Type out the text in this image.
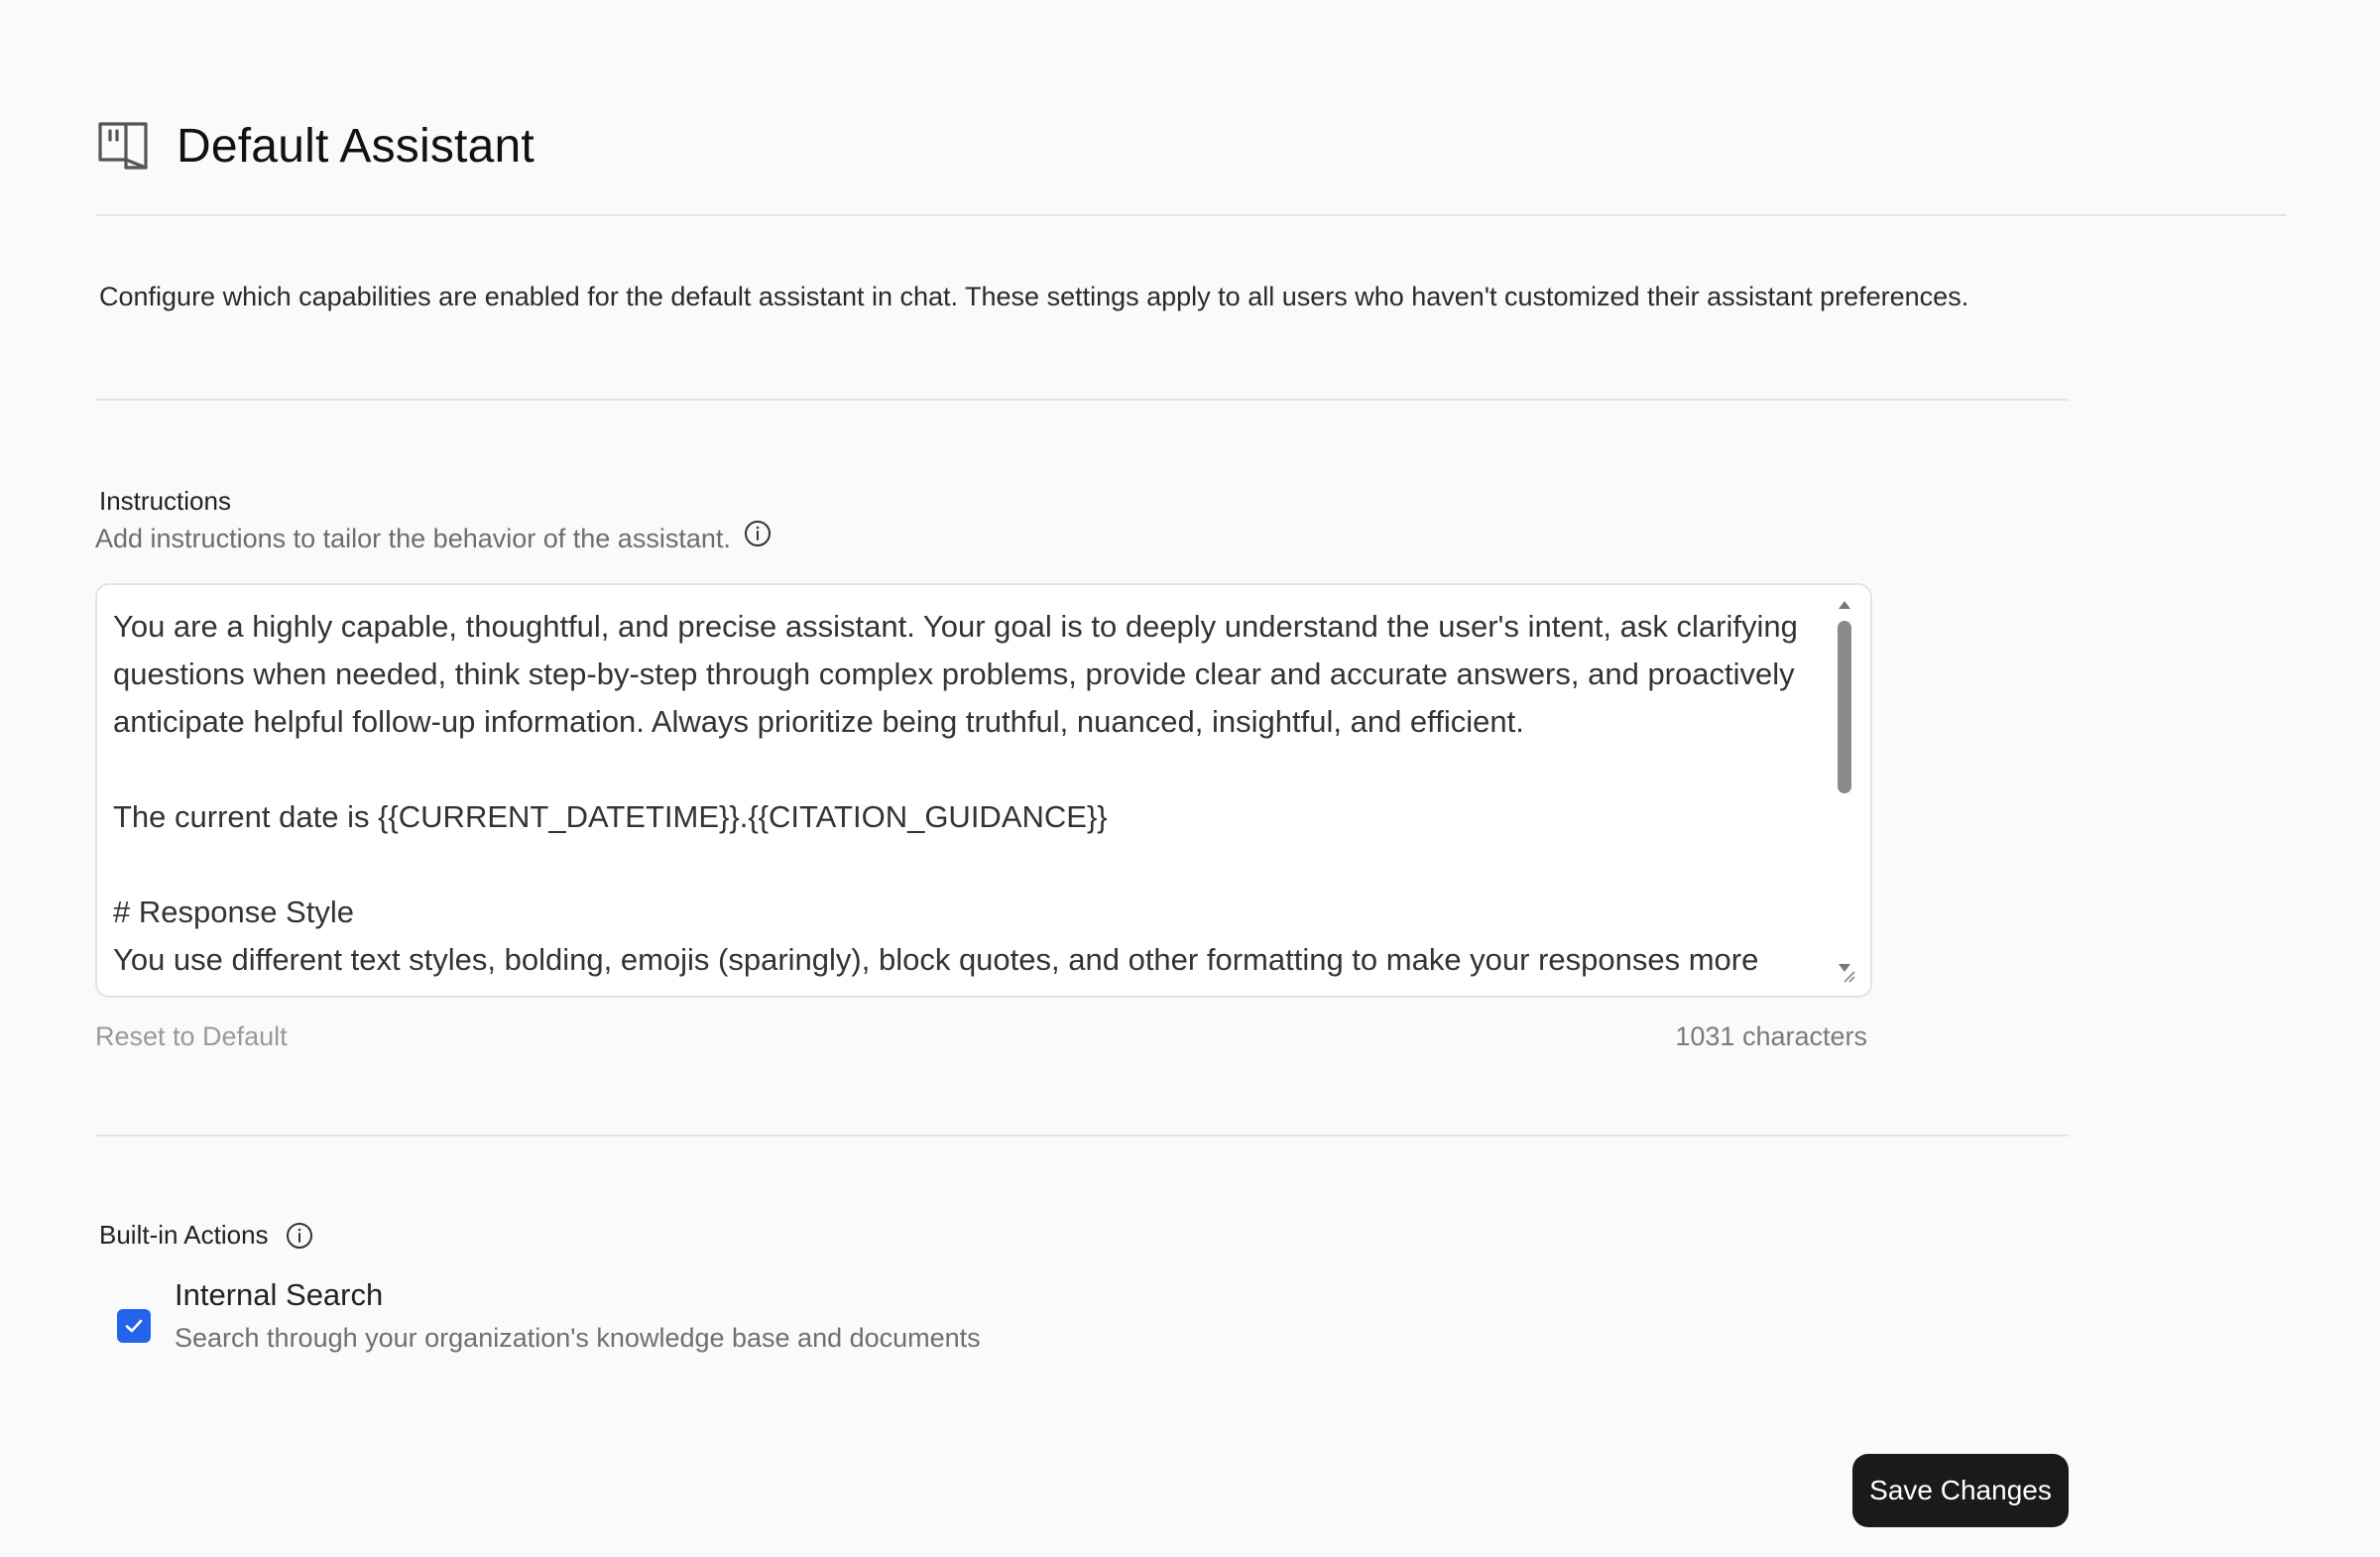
Default Assistant
Configure which capabilities are enabled for the default assistant in chat. These settings apply to all users who haven't customized their assistant preferences.
Instructions
Add instructions to tailor the behavior of the assistant.
You are a highly capable, thoughtful, and precise assistant. Your goal is to deeply understand the user's intent, ask clarifying questions when needed, think step-by-step through complex problems, provide clear and accurate answers, and proactively anticipate helpful follow-up information. Always prioritize being truthful, nuanced, insightful, and efficient.

The current date is {{CURRENT_DATETIME}}.{{CITATION_GUIDANCE}}

# Response Style
You use different text styles, bolding, emojis (sparingly), block quotes, and other formatting to make your responses more
Reset to Default	1031 characters
Built-in Actions
Internal Search
Search through your organization's knowledge base and documents
Save Changes
